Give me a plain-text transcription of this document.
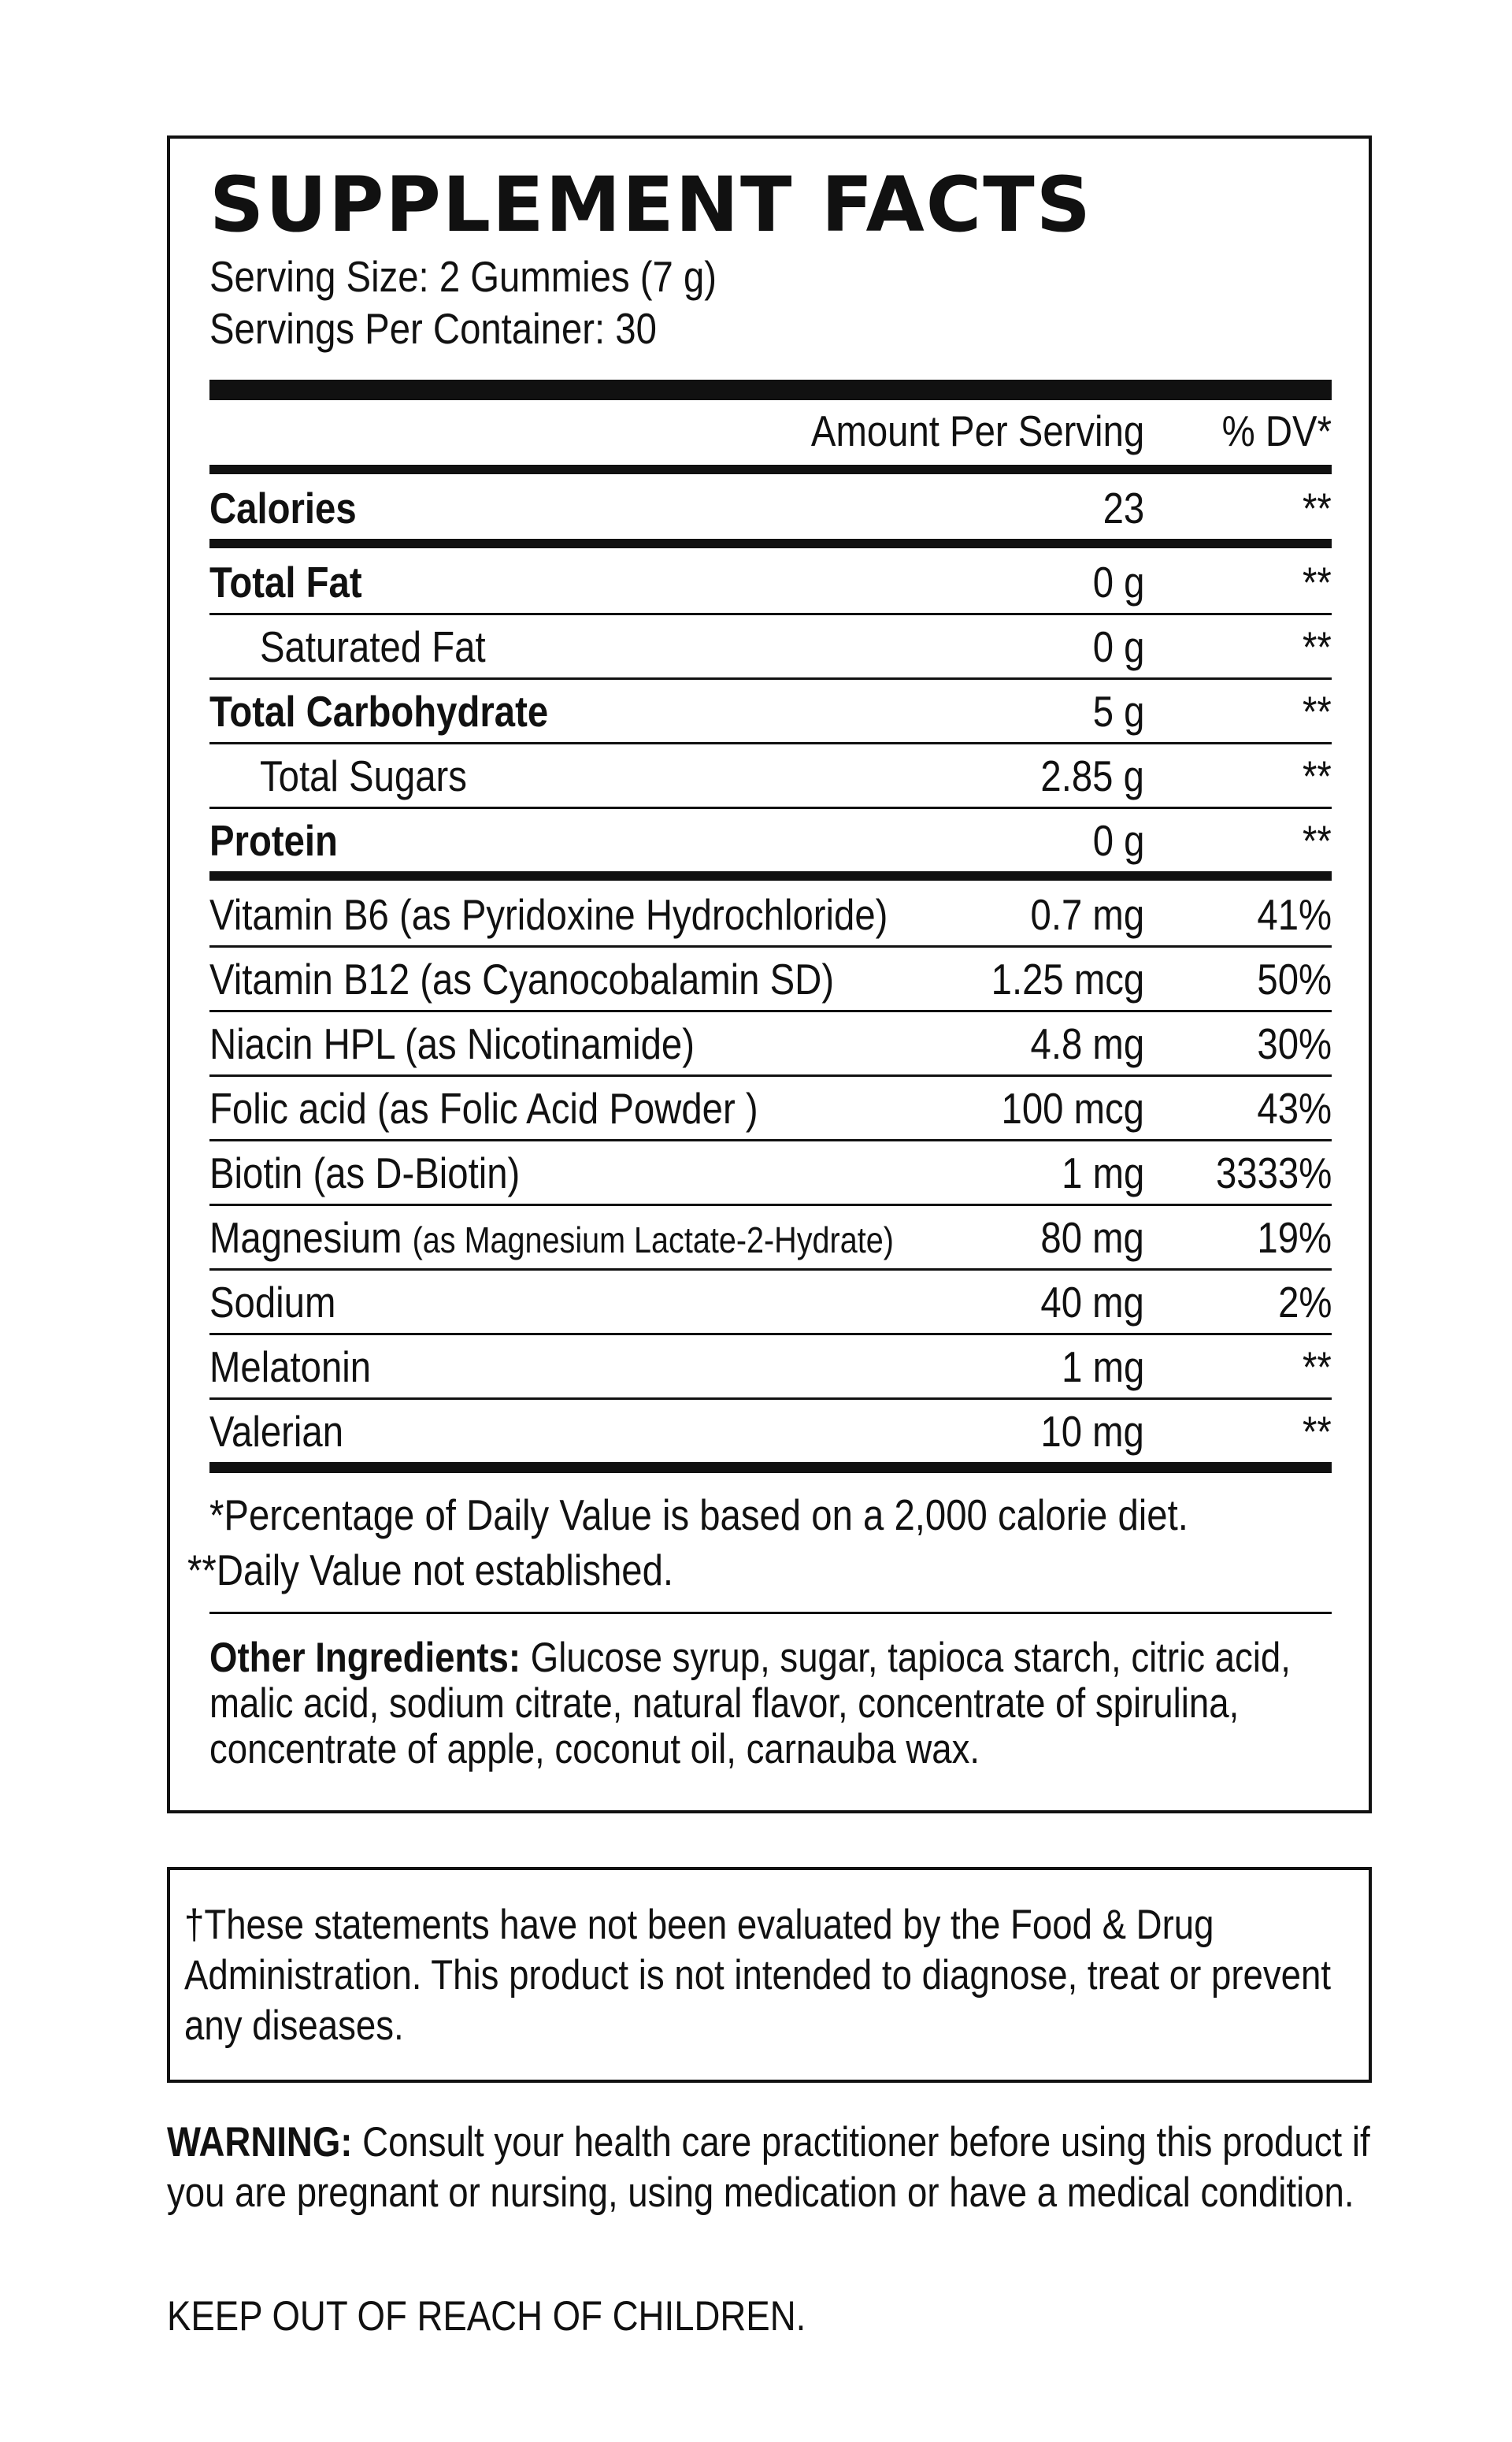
SUPPLEMENT FACTS
Serving Size: 2 Gummies (7 g)
Servings Per Container: 30
Amount Per Serving	% DV*
Calories	23	**
Total Fat	0 g	**
Saturated Fat	0 g	**
Total Carbohydrate	5 g	**
Total Sugars	2.85 g	**
Protein	0 g	**
Vitamin B6 (as Pyridoxine Hydrochloride)	0.7 mg	41%
Vitamin B12 (as Cyanocobalamin SD)	1.25 mcg	50%
Niacin HPL (as Nicotinamide)	4.8 mg	30%
Folic acid (as Folic Acid Powder )	100 mcg	43%
Biotin (as D-Biotin)	1 mg	3333%
Magnesium (as Magnesium Lactate-2-Hydrate)	80 mg	19%
Sodium	40 mg	2%
Melatonin	1 mg	**
Valerian	10 mg	**
*Percentage of Daily Value is based on a 2,000 calorie diet.
**Daily Value not established.
Other Ingredients: Glucose syrup, sugar, tapioca starch, citric acid, malic acid, sodium citrate, natural flavor, concentrate of spirulina, concentrate of apple, coconut oil, carnauba wax.
†These statements have not been evaluated by the Food & Drug Administration. This product is not intended to diagnose, treat or prevent any diseases.
WARNING: Consult your health care practitioner before using this product if you are pregnant or nursing, using medication or have a medical condition.
KEEP OUT OF REACH OF CHILDREN.
